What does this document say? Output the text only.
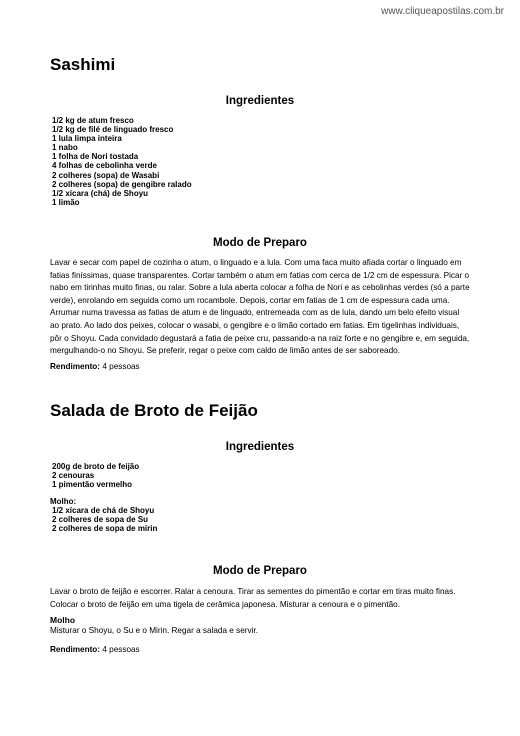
www.cliqueapostilas.com.br
Sashimi
Ingredientes
1/2 kg de atum fresco
1/2 kg de filé de linguado fresco
1 lula limpa inteira
1 nabo
1 folha de Nori tostada
4 folhas de cebolinha verde
2 colheres (sopa) de Wasabi
2 colheres (sopa) de gengibre ralado
1/2 xícara (chá) de Shoyu
1 limão
Modo de Preparo

Lavar e secar com papel de cozinha o atum, o linguado e a lula. Com uma faca muito afiada cortar o linguado em fatias finíssimas, quase transparentes. Cortar também o atum em fatias com cerca de 1/2 cm de espessura. Picar o nabo em tirinhas muito finas, ou ralar. Sobre a lula aberta colocar a folha de Nori e as cebolinhas verdes (só a parte verde), enrolando em seguida como um rocambole. Depois, cortar em fatias de 1 cm de espessura cada uma. Arrumar numa travessa as fatias de atum e de linguado, entremeada com as de lula, dando um belo efeito visual ao prato. Ao lado dos peixes, colocar o wasabi, o gengibre e o limão cortado em fatias. Em tigelinhas individuais, pôr o Shoyu. Cada convidado degustará a fatia de peixe cru, passando-a na raiz forte e no gengibre e, em seguida, mergulhando-o no Shoyu. Se preferir, regar o peixe com caldo de limão antes de ser saboreado.

Rendimento: 4 pessoas

Salada de Broto de Feijão
Ingredientes
200g de broto de feijão
2 cenouras
1 pimentão vermelho
Molho:
1/2 xícara de chá de Shoyu
2 colheres de sopa de Su
2 colheres de sopa de mirin
Modo de Preparo

Lavar o broto de feijão e escorrer. Ralar a cenoura. Tirar as sementes do pimentão e cortar em tiras muito finas. Colocar o broto de feijão em uma tigela de cerâmica japonesa. Misturar a cenoura e o pimentão.

Molho

Misturar o Shoyu, o Su e o Mirin. Regar a salada e servir.

Rendimento: 4 pessoas
